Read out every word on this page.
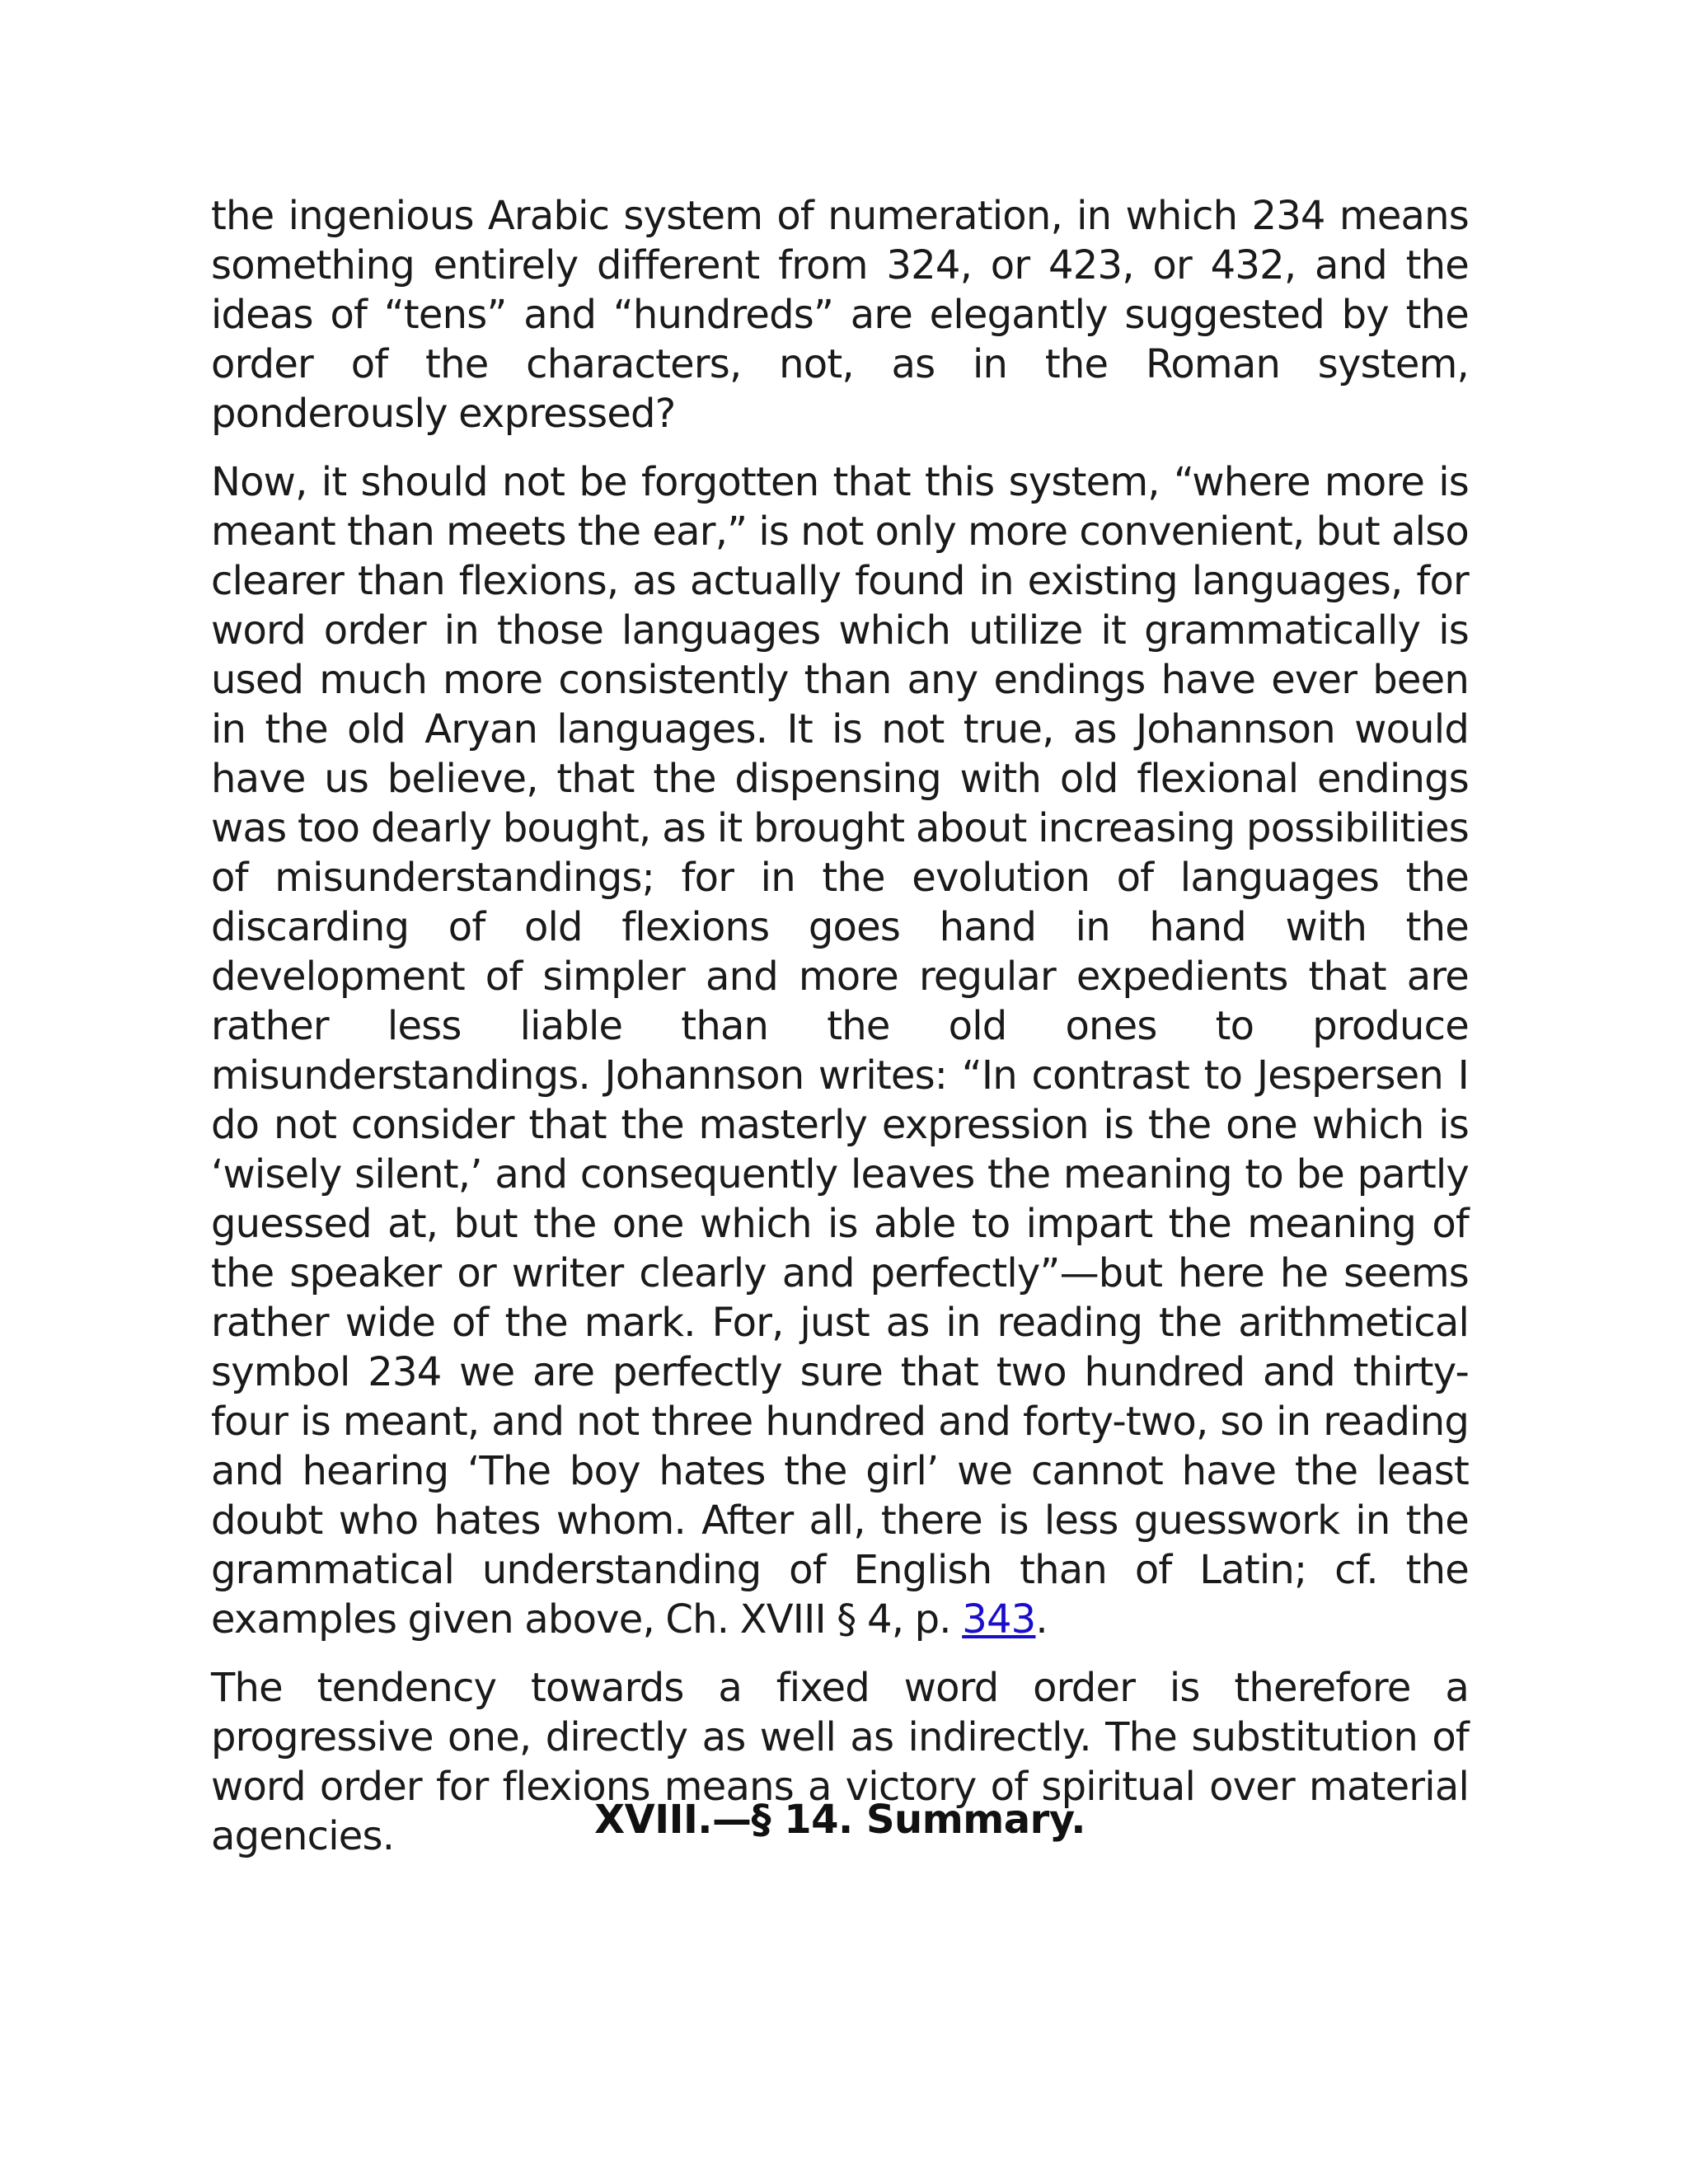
the ingenious Arabic system of numeration, in which 234 means something entirely different from 324, or 423, or 432, and the ideas of “tens” and “hundreds” are elegantly suggested by the order of the characters, not, as in the Roman system, ponderously expressed?

Now, it should not be forgotten that this system, “where more is meant than meets the ear,” is not only more convenient, but also clearer than flexions, as actually found in existing languages, for word order in those languages which utilize it grammatically is used much more consistently than any endings have ever been in the old Aryan languages. It is not true, as Johannson would have us believe, that the dispensing with old flexional endings was too dearly bought, as it brought about increasing possibilities of misunderstandings; for in the evolution of languages the discarding of old flexions goes hand in hand with the development of simpler and more regular expedients that are rather less liable than the old ones to produce misunderstandings. Johannson writes: “In contrast to Jespersen I do not consider that the masterly expression is the one which is ‘wisely silent,’ and consequently leaves the meaning to be partly guessed at, but the one which is able to impart the meaning of the speaker or writer clearly and perfectly”—but here he seems rather wide of the mark. For, just as in reading the arithmetical symbol 234 we are perfectly sure that two hundred and thirty-four is meant, and not three hundred and forty-two, so in reading and hearing ‘The boy hates the girl’ we cannot have the least doubt who hates whom. After all, there is less guesswork in the grammatical understanding of English than of Latin; cf. the examples given above, Ch. XVIII § 4, p. 343.

The tendency towards a fixed word order is therefore a progressive one, directly as well as indirectly. The substitution of word order for flexions means a victory of spiritual over material agencies.	XVIII.—§ 14. Summary.
